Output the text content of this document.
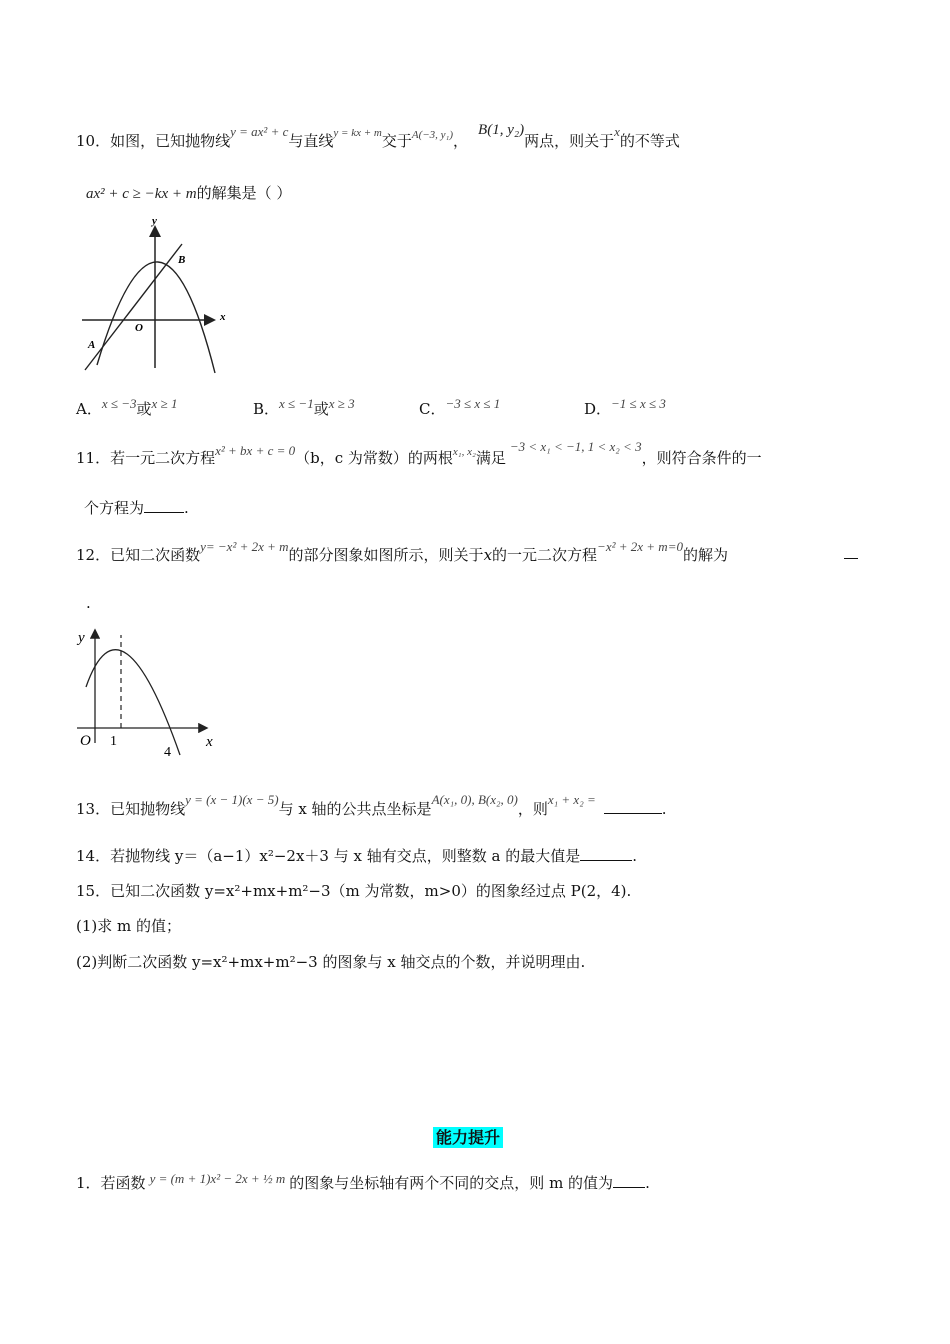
10．如图，已知抛物线y = ax² + c与直线$^{y = kx + m}$交于$^{A(-3, y_1)}$，B(1, y₂)两点，则关于x的不等式
ax² + c ≥ −kx + m的解集是（ ）
y
x
O
A
B
A．x ≤ −3或x ≥ 1	B．x ≤ −1或x ≥ 3	C．−3 ≤ x ≤ 1	D．−1 ≤ x ≤ 3
11．若一元二次方程x² + bx + c = 0（b，c 为常数）的两根$^{x_1, x_2}$满足−3 < x₁ < −1, 1 < x₂ < 3，则符合条件的一
个方程为	.
12．已知二次函数y= −x² + 2x + m的部分图象如图所示，则关于x的一元二次方程−x² + 2x + m=0的解为
.
y
x
O 1
4
13．已知抛物线y = (x − 1)(x − 5)与 x 轴的公共点坐标是A(x₁, 0), B(x₂, 0)，则x₁ + x₂ =.
14．若抛物线 y＝（a−1）x²−2x＋3 与 x 轴有交点，则整数 a 的最大值是	.
15．已知二次函数 y=x²+mx+m²−3（m 为常数，m>0）的图象经过点 P(2，4).
(1)求 m 的值；
(2)判断二次函数 y=x²+mx+m²−3 的图象与 x 轴交点的个数，并说明理由.
能力提升
1．若函数 y = (m + 1)x² − 2x + ½ m 的图象与坐标轴有两个不同的交点，则 m 的值为 .
